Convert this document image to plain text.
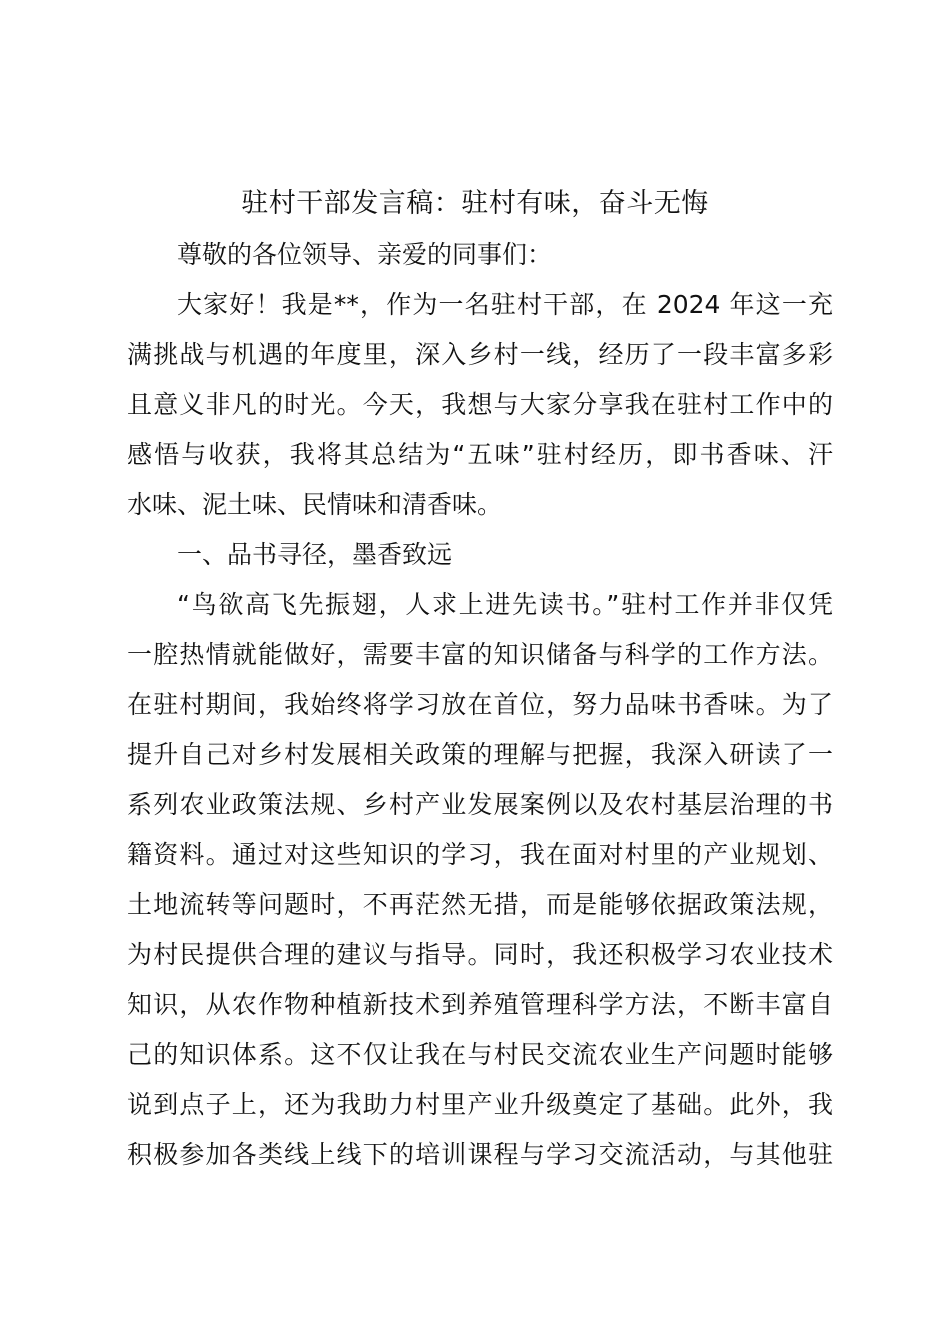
驻村干部发言稿：驻村有味，奋斗无悔

尊敬的各位领导、亲爱的同事们：

大家好！我是**，作为一名驻村干部，在 2024 年这一充

满挑战与机遇的年度里，深入乡村一线，经历了一段丰富多彩

且意义非凡的时光。今天，我想与大家分享我在驻村工作中的

感悟与收获，我将其总结为“五味”驻村经历，即书香味、汗

水味、泥土味、民情味和清香味。

一、品书寻径，墨香致远

“鸟欲高飞先振翅，人求上进先读书。”驻村工作并非仅凭

一腔热情就能做好，需要丰富的知识储备与科学的工作方法。

在驻村期间，我始终将学习放在首位，努力品味书香味。为了

提升自己对乡村发展相关政策的理解与把握，我深入研读了一

系列农业政策法规、乡村产业发展案例以及农村基层治理的书

籍资料。通过对这些知识的学习，我在面对村里的产业规划、

土地流转等问题时，不再茫然无措，而是能够依据政策法规，

为村民提供合理的建议与指导。同时，我还积极学习农业技术

知识，从农作物种植新技术到养殖管理科学方法，不断丰富自

己的知识体系。这不仅让我在与村民交流农业生产问题时能够

说到点子上，还为我助力村里产业升级奠定了基础。此外，我

积极参加各类线上线下的培训课程与学习交流活动，与其他驻
